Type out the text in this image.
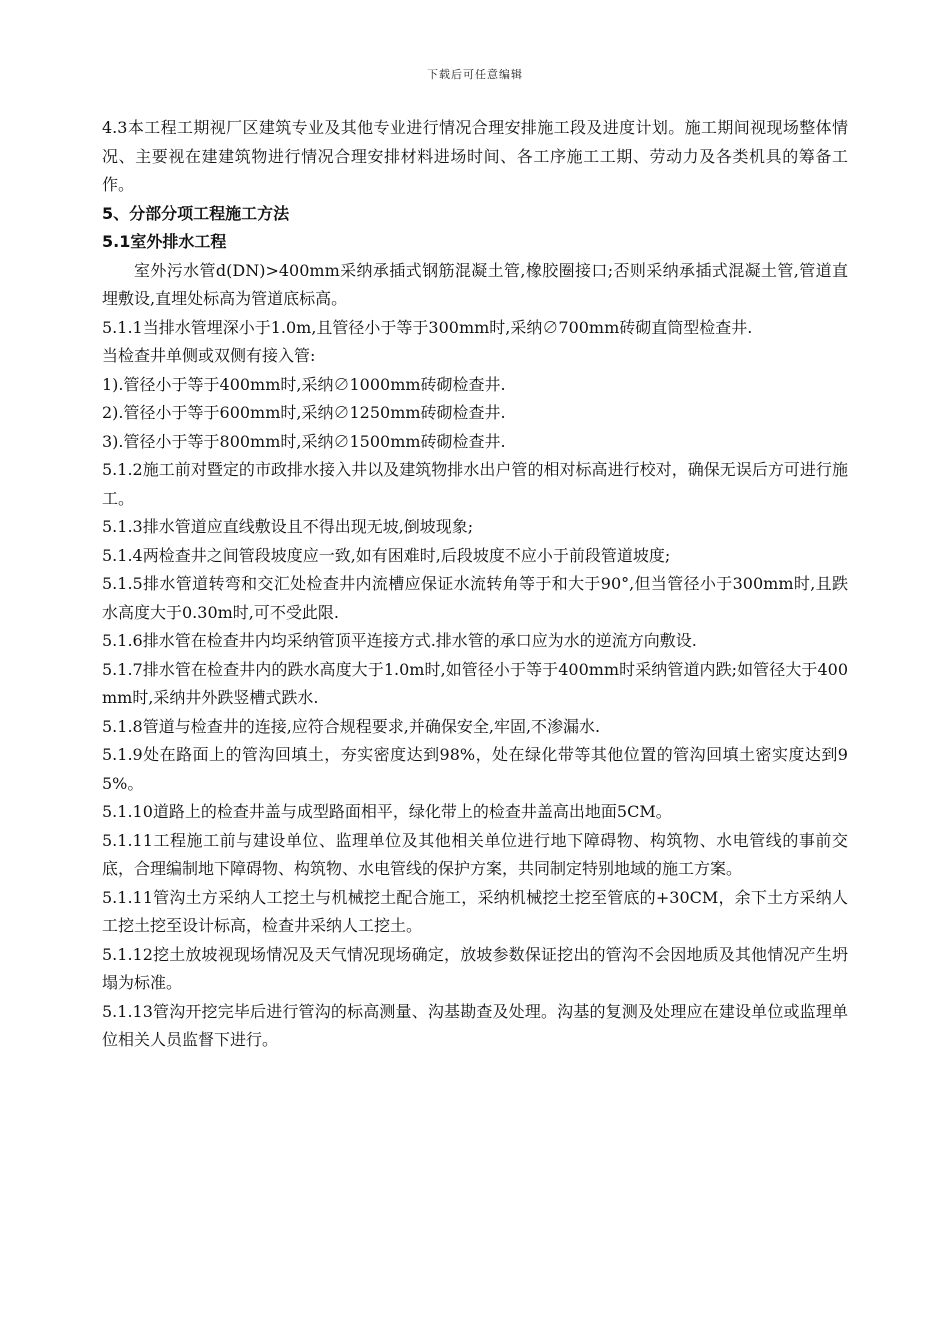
下载后可任意编辑

4.3本工程工期视厂区建筑专业及其他专业进行情况合理安排施工段及进度计划。施工期间视现场整体情况、主要视在建建筑物进行情况合理安排材料进场时间、各工序施工工期、劳动力及各类机具的筹备工作。

5、分部分项工程施工方法

5.1室外排水工程

室外污水管d(DN)>400mm采纳承插式钢筋混凝土管,橡胶圈接口;否则采纳承插式混凝土管,管道直埋敷设,直埋处标高为管道底标高。

5.1.1当排水管埋深小于1.0m,且管径小于等于300mm时,采纳∅700mm砖砌直筒型检查井.

当检查井单侧或双侧有接入管:

1).管径小于等于400mm时,采纳∅1000mm砖砌检查井.

2).管径小于等于600mm时,采纳∅1250mm砖砌检查井.

3).管径小于等于800mm时,采纳∅1500mm砖砌检查井.

5.1.2施工前对暨定的市政排水接入井以及建筑物排水出户管的相对标高进行校对，确保无误后方可进行施工。

5.1.3排水管道应直线敷设且不得出现无坡,倒坡现象;

5.1.4两检查井之间管段坡度应一致,如有困难时,后段坡度不应小于前段管道坡度;

5.1.5排水管道转弯和交汇处检查井内流槽应保证水流转角等于和大于90°,但当管径小于300mm时,且跌水高度大于0.30m时,可不受此限.

5.1.6排水管在检查井内均采纳管顶平连接方式.排水管的承口应为水的逆流方向敷设.

5.1.7排水管在检查井内的跌水高度大于1.0m时,如管径小于等于400mm时采纳管道内跌;如管径大于400mm时,采纳井外跌竖槽式跌水.

5.1.8管道与检查井的连接,应符合规程要求,并确保安全,牢固,不渗漏水.

5.1.9处在路面上的管沟回填土，夯实密度达到98%，处在绿化带等其他位置的管沟回填土密实度达到95%。

5.1.10道路上的检查井盖与成型路面相平，绿化带上的检查井盖高出地面5CM。

5.1.11工程施工前与建设单位、监理单位及其他相关单位进行地下障碍物、构筑物、水电管线的事前交底，合理编制地下障碍物、构筑物、水电管线的保护方案，共同制定特别地域的施工方案。

5.1.11管沟土方采纳人工挖土与机械挖土配合施工，采纳机械挖土挖至管底的+30CM，余下土方采纳人工挖土挖至设计标高，检查井采纳人工挖土。

5.1.12挖土放坡视现场情况及天气情况现场确定，放坡参数保证挖出的管沟不会因地质及其他情况产生坍塌为标准。

5.1.13管沟开挖完毕后进行管沟的标高测量、沟基勘查及处理。沟基的复测及处理应在建设单位或监理单位相关人员监督下进行。
